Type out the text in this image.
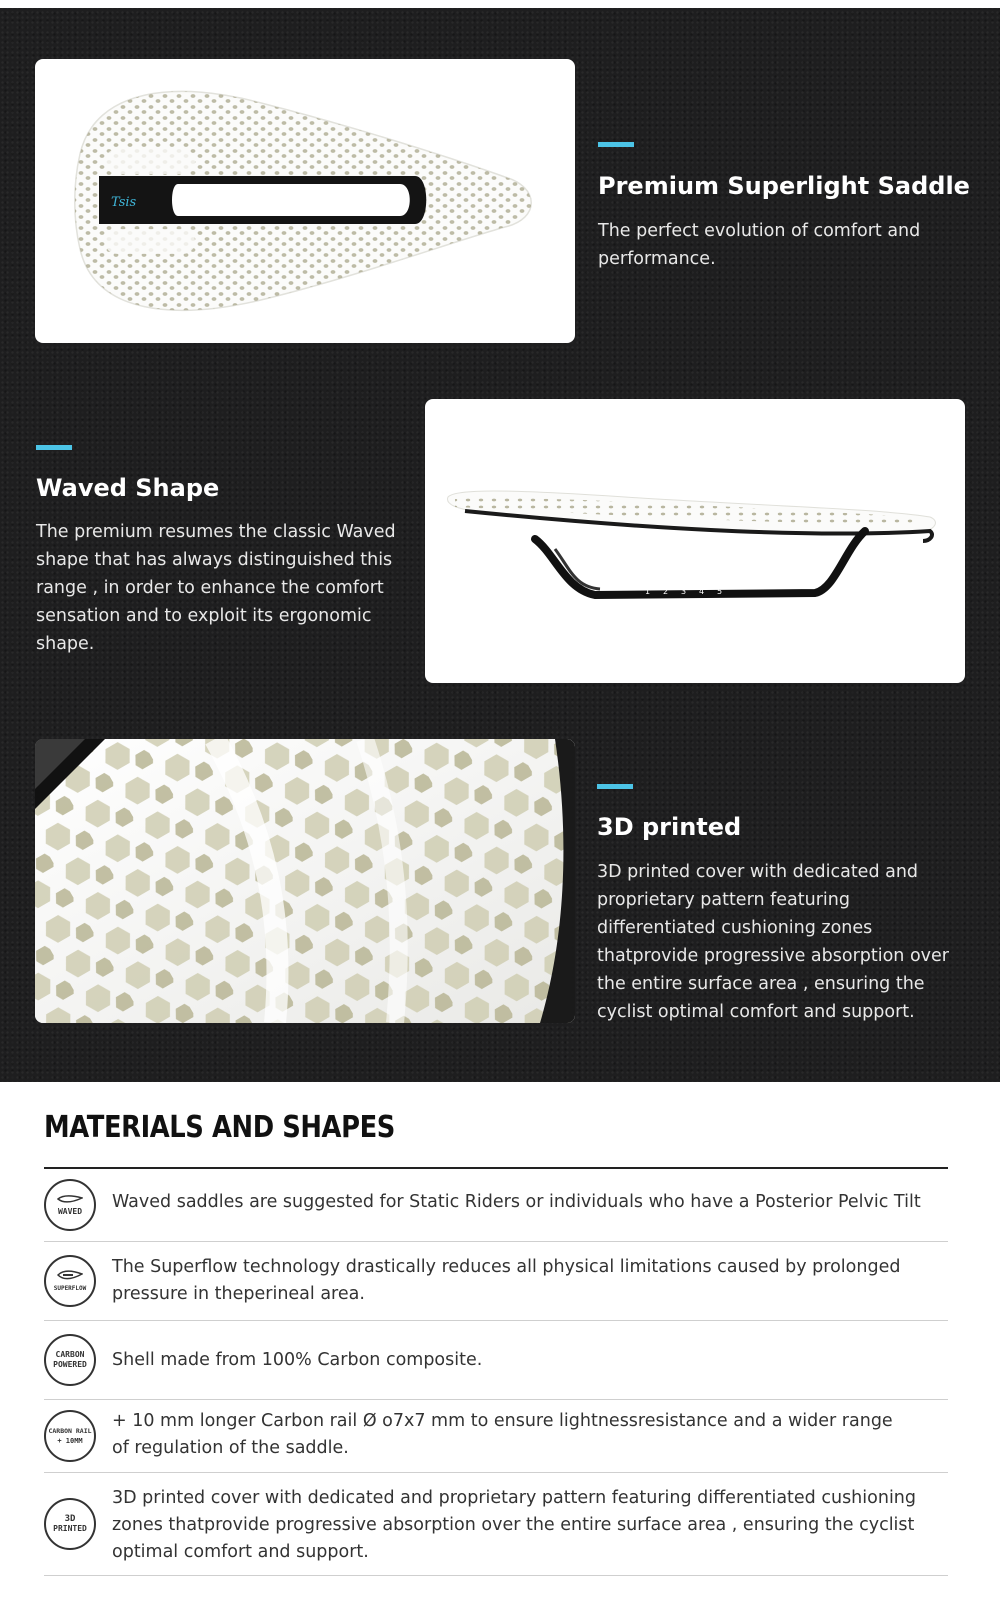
Tsis
Premium Superlight Saddle

The perfect evolution of comfort and performance.

Waved Shape

The premium resumes the classic Waved shape that has always distinguished this range , in order to enhance the comfort sensation and to exploit its ergonomic shape.

1 2 3 4 5
CARBON
3D printed

3D printed cover with dedicated and proprietary pattern featuring differentiated cushioning zones thatprovide progressive absorption over the entire surface area , ensuring the cyclist optimal comfort and support.

MATERIALS AND SHAPES
WAVED Waved saddles are suggested for Static Riders or individuals who have a Posterior Pelvic Tilt

SUPERFLOW

The Superflow technology drastically reduces all physical limitations caused by prolonged pressure in theperineal area.

CARBON
POWERED Shell made from 100% Carbon composite.

CARBON RAIL
+ 10MM

+ 10 mm longer Carbon rail Ø o7x7 mm to ensure lightnessresistance and a wider range of regulation of the saddle.

3D
PRINTED

3D printed cover with dedicated and proprietary pattern featuring differentiated cushioning zones thatprovide progressive absorption over the entire surface area , ensuring the cyclist optimal comfort and support.
